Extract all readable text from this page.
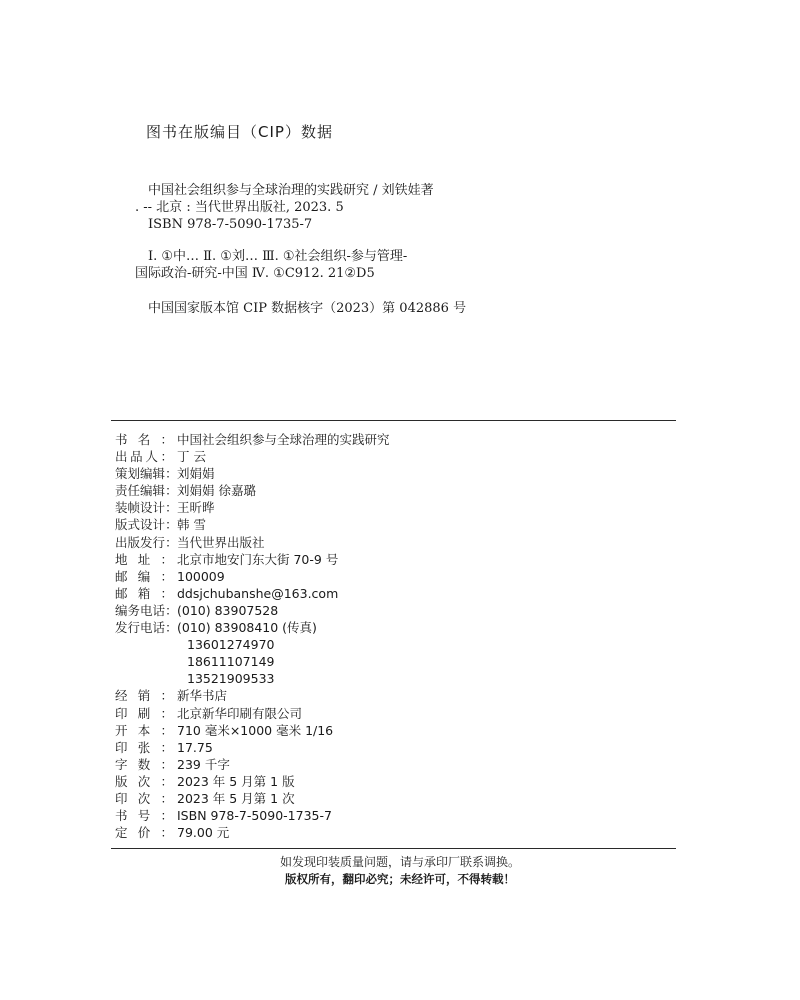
图书在版编目（CIP）数据
中国社会组织参与全球治理的实践研究 / 刘铁娃著
. -- 北京 : 当代世界出版社, 2023. 5
ISBN 978-7-5090-1735-7
Ⅰ. ①中… Ⅱ. ①刘… Ⅲ. ①社会组织-参与管理-
国际政治-研究-中国 Ⅳ. ①C912. 21②D5
中国国家版本馆 CIP 数据核字（2023）第 042886 号
书 名 ： 中国社会组织参与全球治理的实践研究
出 品 人 ： 丁 云
策 划 编 辑 ： 刘娟娟
责 任 编 辑 ： 刘娟娟 徐嘉璐
装 帧 设 计 ： 王昕晔
版 式 设 计 ： 韩 雪
出 版 发 行 ： 当代世界出版社
地 址 ： 北京市地安门东大街 70-9 号
邮 编 ： 100009
邮 箱 ： ddsjchubanshe@163.com
编 务 电 话 ： (010) 83907528
发 行 电 话 ： (010) 83908410 (传真)
13601274970
18611107149
13521909533
经 销 ： 新华书店
印 刷 ： 北京新华印刷有限公司
开 本 ： 710 毫米×1000 毫米 1/16
印 张 ： 17.75
字 数 ： 239 千字
版 次 ： 2023 年 5 月第 1 版
印 次 ： 2023 年 5 月第 1 次
书 号 ： ISBN 978-7-5090-1735-7
定 价 ： 79.00 元
如发现印装质量问题，请与承印厂联系调换。
版权所有，翻印必究；未经许可，不得转载！
